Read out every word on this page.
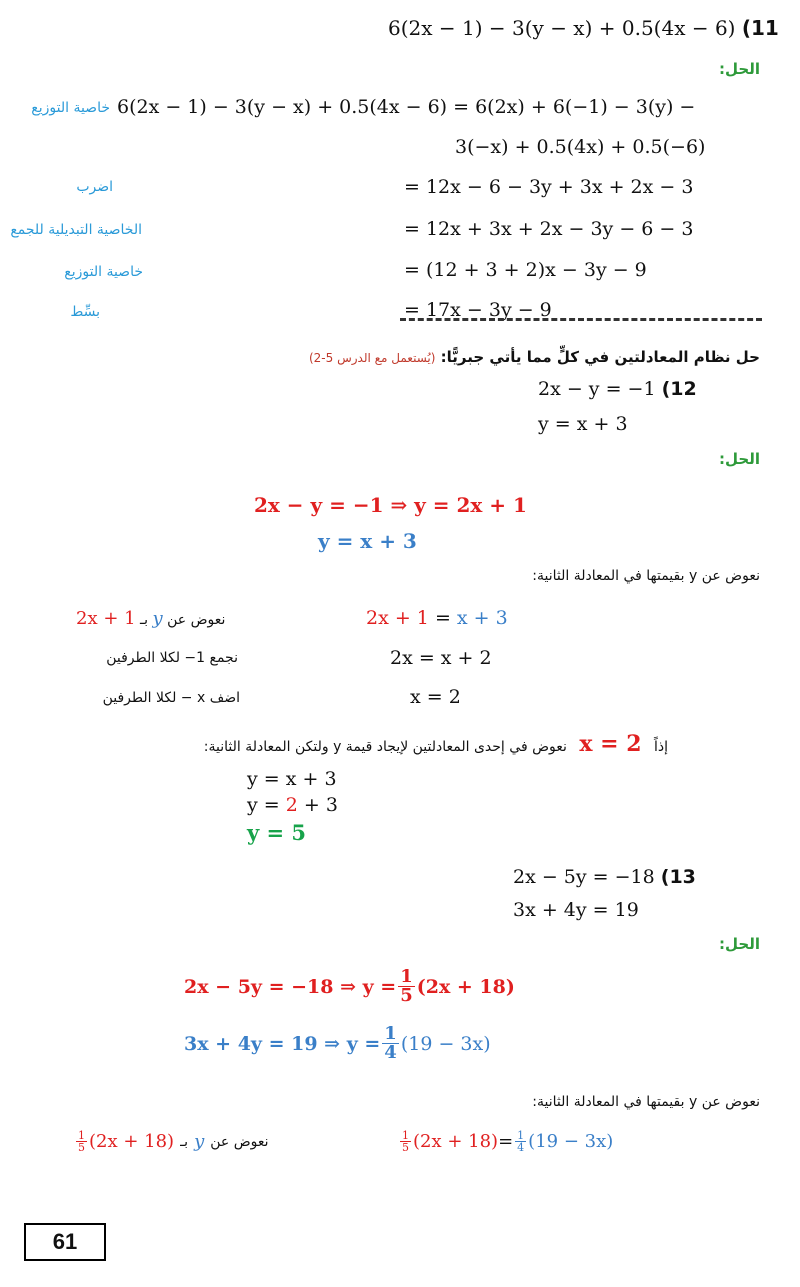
6(2x − 1) − 3(y − x) + 0.5(4x − 6) (11
الحل:
خاصية التوزيع 6(2x − 1) − 3(y − x) + 0.5(4x − 6) = 6(2x) + 6(−1) − 3(y) −
3(−x) + 0.5(4x) + 0.5(−6)
اضرب	= 12x − 6 − 3y + 3x + 2x − 3
الخاصية التبديلية للجمع	= 12x + 3x + 2x − 3y − 6 − 3
خاصية التوزيع	= (12 + 3 + 2)x − 3y − 9
بسِّط	= 17x − 3y − 9
حل نظام المعادلتين في كلٍّ مما يأتي جبريًّا: (يُستعمل مع الدرس 5-2)
2x − y = −1 (12
y = x + 3
الحل:
2x − y = −1 ⇒ y = 2x + 1
y = x + 3
نعوض عن y بقيمتها في المعادلة الثانية:
2x + 1 بـ y نعوض عن	2x + 1 = x + 3
نجمع 1− لكلا الطرفين	2x = x + 2
اضف x − لكلا الطرفين	x = 2
إذاً x = 2 نعوض في إحدى المعادلتين لإيجاد قيمة y ولتكن المعادلة الثانية:
y = x + 3
y = 2 + 3
y = 5
2x − 5y = −18 (13
3x + 4y = 19
الحل:
2x − 5y = −18 ⇒ $y = \frac{1}{5} (2x + 18)$
3x + 4y = 19 ⇒ $y = \frac{1}{4} (19 - 3x)$
نعوض عن y بقيمتها في المعادلة الثانية:
$\frac{1}{5} (2x + 18)$ بـ y نعوض عن	$\frac{1}{5} (2x + 18) = \frac{1}{4} (19 - 3x)$
61
